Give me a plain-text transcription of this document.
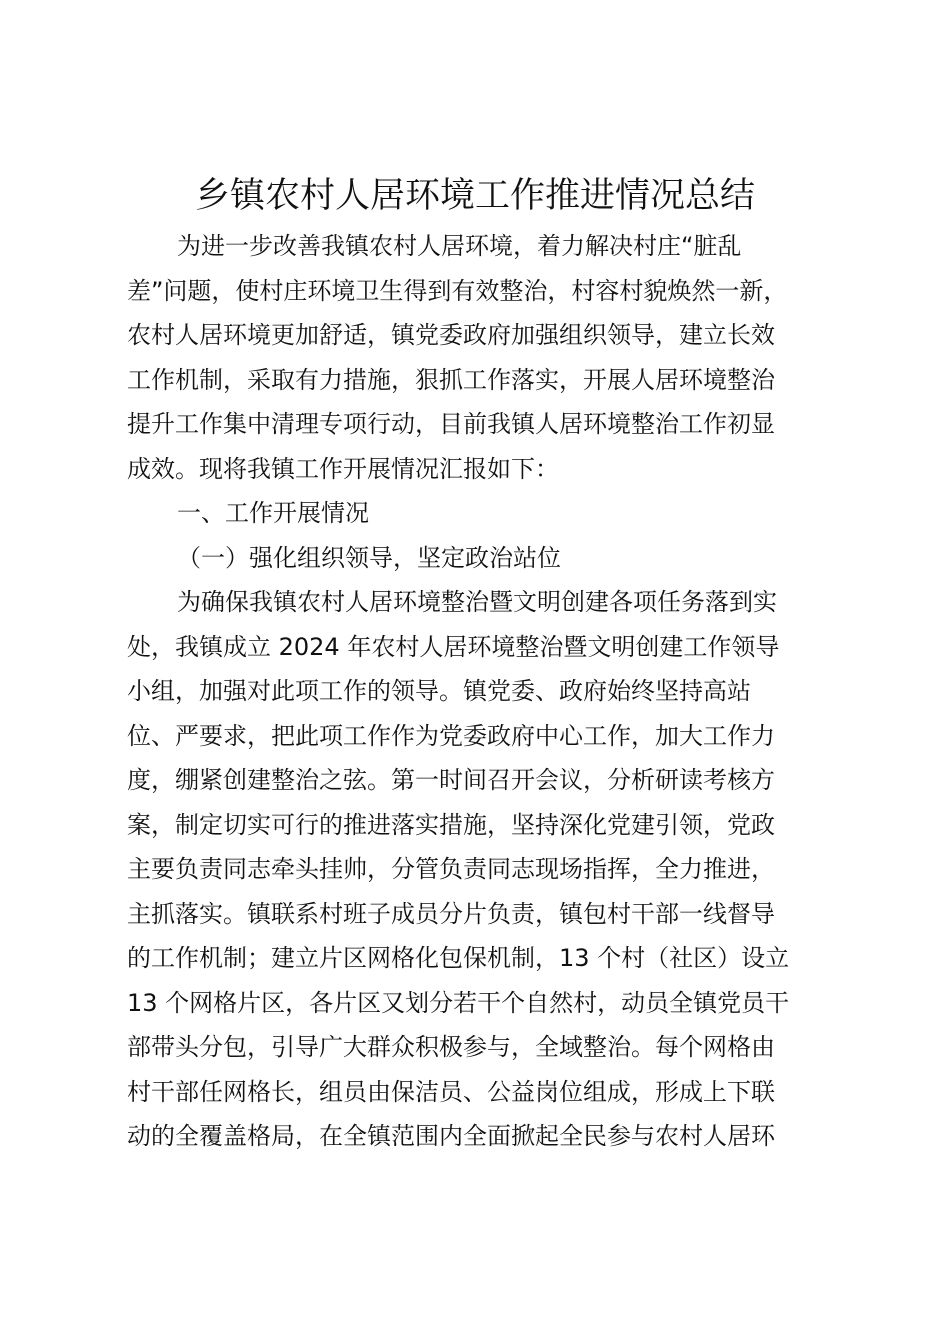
乡镇农村人居环境工作推进情况总结
为进一步改善我镇农村人居环境，着力解决村庄“脏乱
差”问题，使村庄环境卫生得到有效整治，村容村貌焕然一新，
农村人居环境更加舒适，镇党委政府加强组织领导，建立长效
工作机制，采取有力措施，狠抓工作落实，开展人居环境整治
提升工作集中清理专项行动，目前我镇人居环境整治工作初显
成效。现将我镇工作开展情况汇报如下：
一、工作开展情况
（一）强化组织领导，坚定政治站位
为确保我镇农村人居环境整治暨文明创建各项任务落到实
处，我镇成立 2024 年农村人居环境整治暨文明创建工作领导
小组，加强对此项工作的领导。镇党委、政府始终坚持高站
位、严要求，把此项工作作为党委政府中心工作，加大工作力
度，绷紧创建整治之弦。第一时间召开会议，分析研读考核方
案，制定切实可行的推进落实措施，坚持深化党建引领，党政
主要负责同志牵头挂帅，分管负责同志现场指挥，全力推进，
主抓落实。镇联系村班子成员分片负责，镇包村干部一线督导
的工作机制；建立片区网格化包保机制，13 个村（社区）设立
13 个网格片区，各片区又划分若干个自然村，动员全镇党员干
部带头分包，引导广大群众积极参与，全域整治。每个网格由
村干部任网格长，组员由保洁员、公益岗位组成，形成上下联
动的全覆盖格局，在全镇范围内全面掀起全民参与农村人居环
